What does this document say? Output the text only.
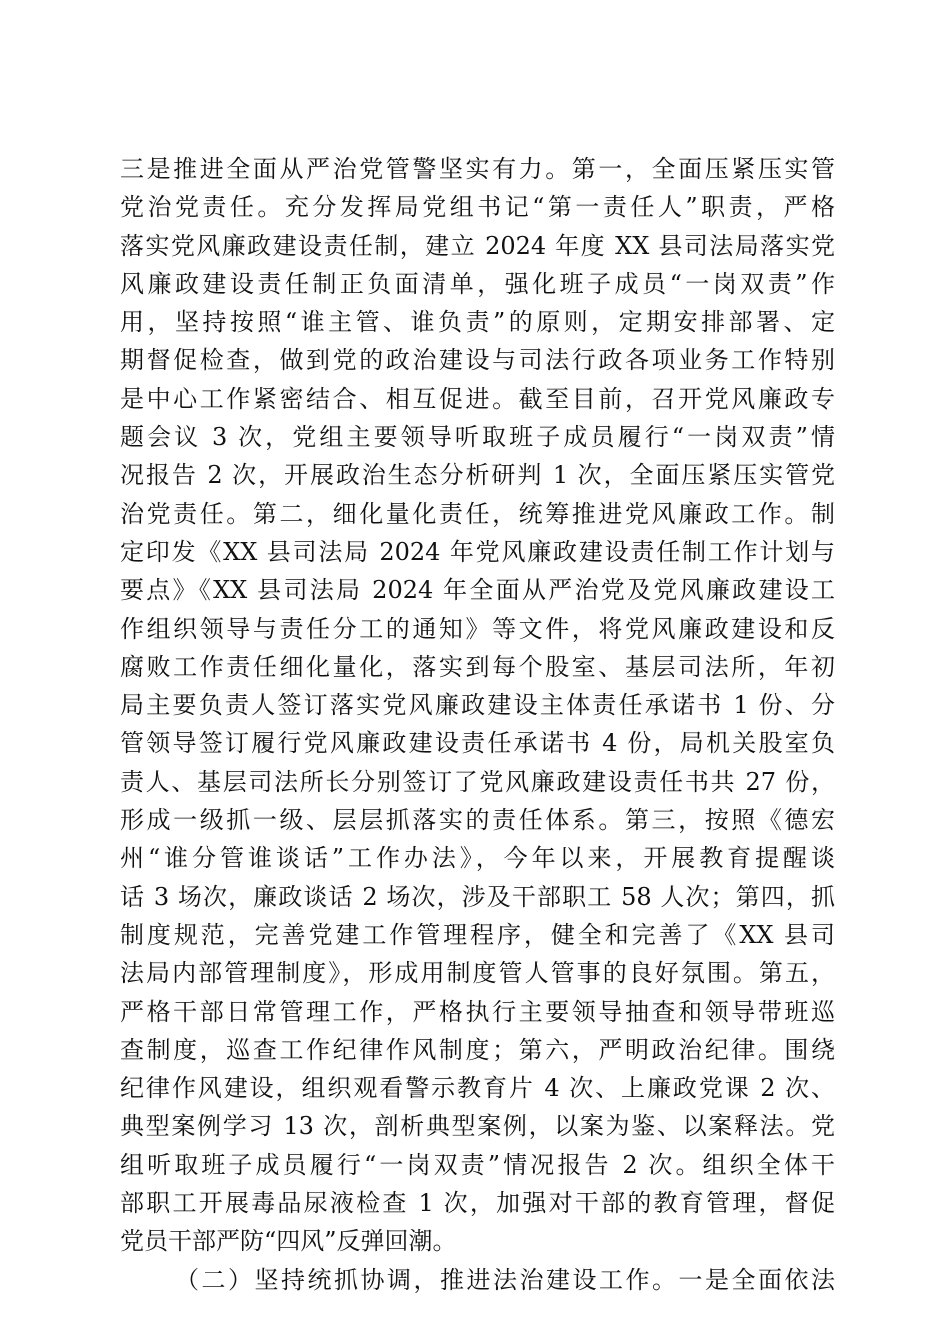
三是推进全面从严治党管警坚实有力。第一，全面压紧压实管
党治党责任。充分发挥局党组书记“第一责任人”职责，严格
落实党风廉政建设责任制，建立 2024 年度 XX 县司法局落实党
风廉政建设责任制正负面清单，强化班子成员“一岗双责”作
用，坚持按照“谁主管、谁负责”的原则，定期安排部署、定
期督促检查，做到党的政治建设与司法行政各项业务工作特别
是中心工作紧密结合、相互促进。截至目前，召开党风廉政专
题会议 3 次，党组主要领导听取班子成员履行“一岗双责”情
况报告 2 次，开展政治生态分析研判 1 次，全面压紧压实管党
治党责任。第二，细化量化责任，统筹推进党风廉政工作。制
定印发《XX 县司法局 2024 年党风廉政建设责任制工作计划与
要点》《XX 县司法局 2024 年全面从严治党及党风廉政建设工
作组织领导与责任分工的通知》等文件，将党风廉政建设和反
腐败工作责任细化量化，落实到每个股室、基层司法所，年初
局主要负责人签订落实党风廉政建设主体责任承诺书 1 份、分
管领导签订履行党风廉政建设责任承诺书 4 份，局机关股室负
责人、基层司法所长分别签订了党风廉政建设责任书共 27 份，
形成一级抓一级、层层抓落实的责任体系。第三，按照《德宏
州“谁分管谁谈话”工作办法》，今年以来，开展教育提醒谈
话 3 场次，廉政谈话 2 场次，涉及干部职工 58 人次；第四，抓
制度规范，完善党建工作管理程序，健全和完善了《XX 县司
法局内部管理制度》，形成用制度管人管事的良好氛围。第五，
严格干部日常管理工作，严格执行主要领导抽查和领导带班巡
查制度，巡查工作纪律作风制度；第六，严明政治纪律。围绕
纪律作风建设，组织观看警示教育片 4 次、上廉政党课 2 次、
典型案例学习 13 次，剖析典型案例，以案为鉴、以案释法。党
组听取班子成员履行“一岗双责”情况报告 2 次。组织全体干
部职工开展毒品尿液检查 1 次，加强对干部的教育管理，督促
党员干部严防“四风”反弹回潮。
（二）坚持统抓协调，推进法治建设工作。一是全面依法
